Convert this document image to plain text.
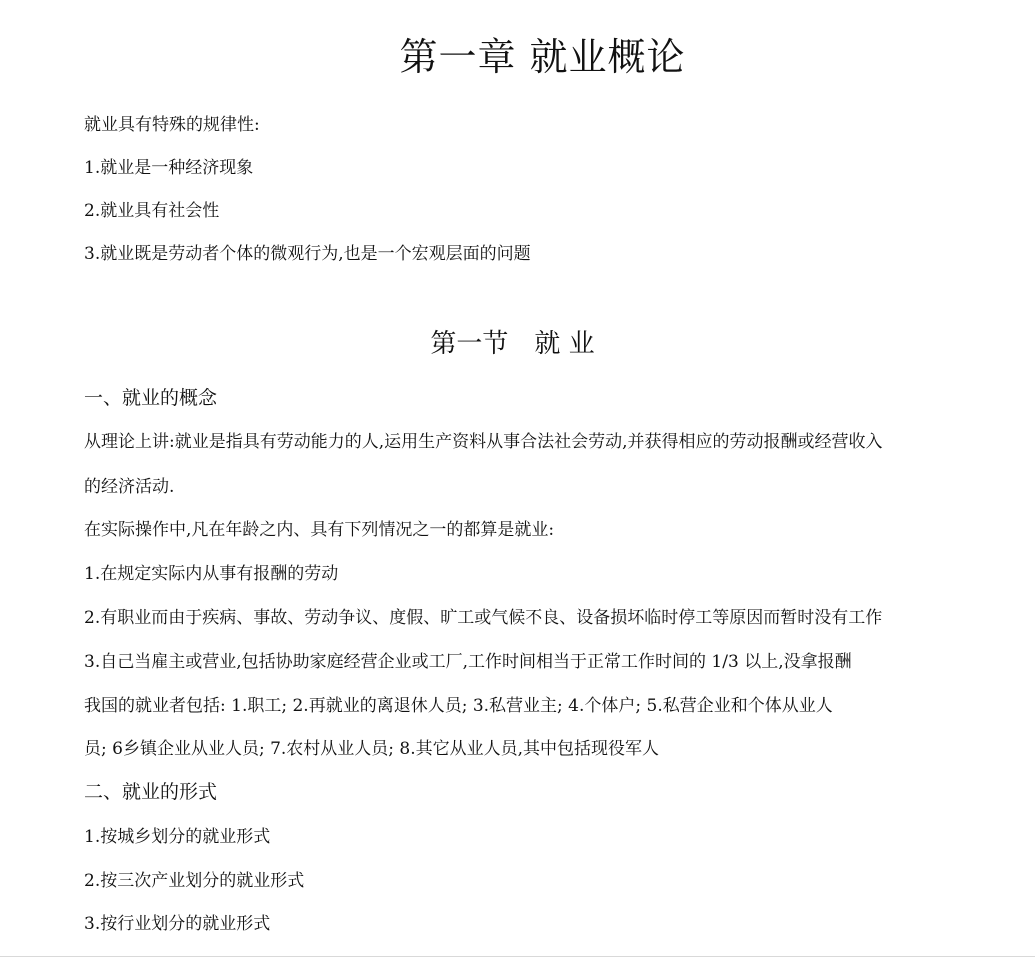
第一章 就业概论
就业具有特殊的规律性:
1.就业是一种经济现象
2.就业具有社会性
3.就业既是劳动者个体的微观行为,也是一个宏观层面的问题
第一节　就 业
一、就业的概念
从理论上讲:就业是指具有劳动能力的人,运用生产资料从事合法社会劳动,并获得相应的劳动报酬或经营收入
的经济活动.
在实际操作中,凡在年龄之内、具有下列情况之一的都算是就业:
1.在规定实际内从事有报酬的劳动
2.有职业而由于疾病、事故、劳动争议、度假、旷工或气候不良、设备损坏临时停工等原因而暂时没有工作
3.自己当雇主或营业,包括协助家庭经营企业或工厂,工作时间相当于正常工作时间的 1/3 以上,没拿报酬
我国的就业者包括: 1.职工; 2.再就业的离退休人员; 3.私营业主; 4.个体户; 5.私营企业和个体从业人
员; 6乡镇企业从业人员; 7.农村从业人员; 8.其它从业人员,其中包括现役军人
二、就业的形式
1.按城乡划分的就业形式
2.按三次产业划分的就业形式
3.按行业划分的就业形式
